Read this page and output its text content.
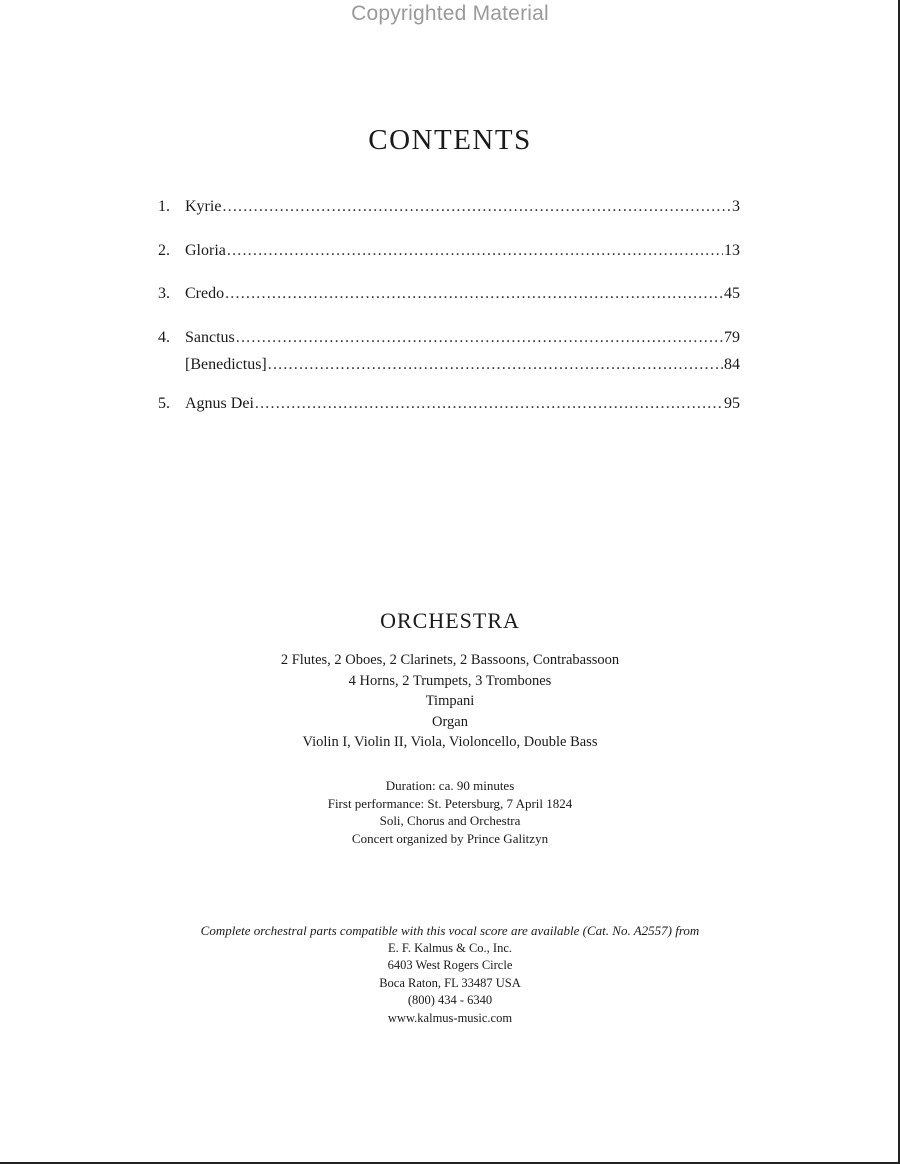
Copyrighted Material
CONTENTS
1. Kyrie .....	3
2. Gloria .....	13
3. Credo .....	45
4. Sanctus .....	79
[Benedictus] .....	84
5. Agnus Dei .....	95
ORCHESTRA
2 Flutes, 2 Oboes, 2 Clarinets, 2 Bassoons, Contrabassoon
4 Horns, 2 Trumpets, 3 Trombones
Timpani
Organ
Violin I, Violin II, Viola, Violoncello, Double Bass
Duration: ca. 90 minutes
First performance: St. Petersburg, 7 April 1824
Soli, Chorus and Orchestra
Concert organized by Prince Galitzyn
Complete orchestral parts compatible with this vocal score are available (Cat. No. A2557) from
E. F. Kalmus & Co., Inc.
6403 West Rogers Circle
Boca Raton, FL 33487 USA
(800) 434 - 6340
www.kalmus-music.com
